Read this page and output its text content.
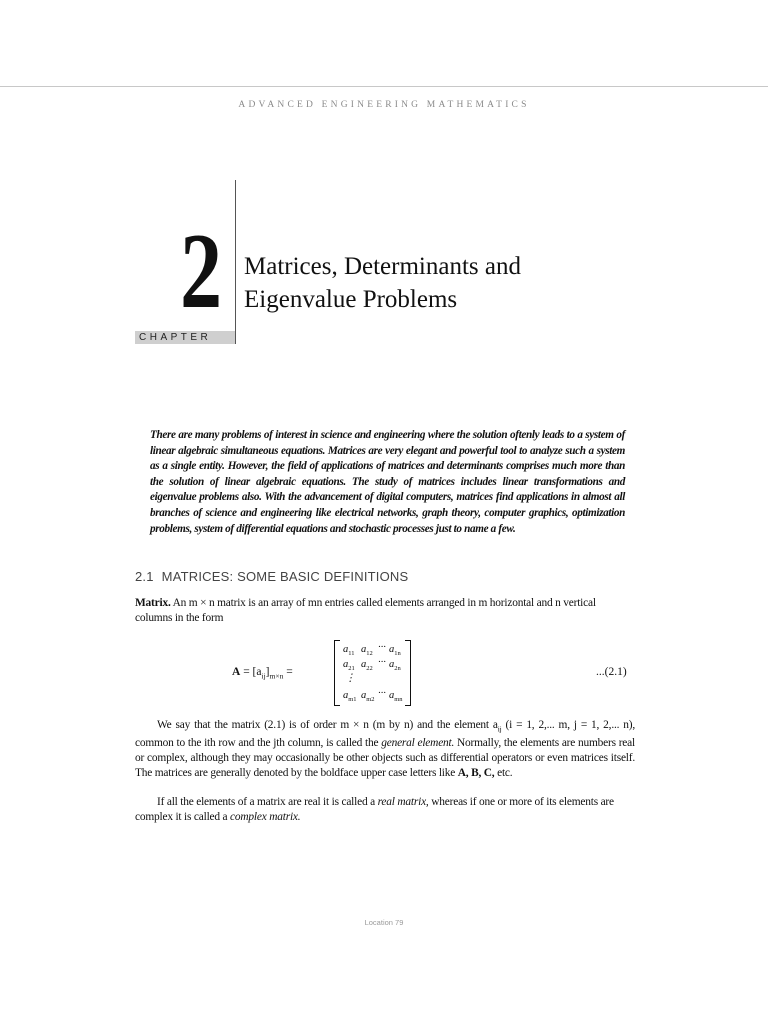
ADVANCED ENGINEERING MATHEMATICS
2
CHAPTER
Matrices, Determinants and
Eigenvalue Problems
There are many problems of interest in science and engineering where the solution oftenly leads to a system of linear algebraic simultaneous equations. Matrices are very elegant and powerful tool to analyze such a system as a single entity. However, the field of applications of matrices and determinants comprises much more than the solution of linear algebraic equations. The study of matrices includes linear transformations and eigenvalue problems also. With the advancement of digital computers, matrices find applications in almost all branches of science and engineering like electrical networks, graph theory, computer graphics, optimization problems, system of differential equations and stochastic processes just to name a few.
2.1 MATRICES: SOME BASIC DEFINITIONS
Matrix. An m × n matrix is an array of mn entries called elements arranged in m horizontal and n vertical columns in the form
$A = [a_{ij}]_{m\times n}$ =
$a_{11}$ $a_{12}$
··· $a_{1n}$
$a_{21}$ $a_{22}$
··· $a_{2n}$
⋮
$a_{m1}$ $a_{m2}$
··· $a_{mn}$
...(2.1)
We say that the matrix (2.1) is of order m × n (m by n) and the element $a_{ij}$ (i = 1, 2,... m, j = 1, 2,... n), common to the ith row and the jth column, is called the general element. Normally, the elements are numbers real or complex, although they may occasionally be other objects such as differential operators or even matrices itself. The matrices are generally denoted by the boldface upper case letters like A, B, C, etc.
If all the elements of a matrix are real it is called a real matrix, whereas if one or more of its elements are complex it is called a complex matrix.
Location 79
